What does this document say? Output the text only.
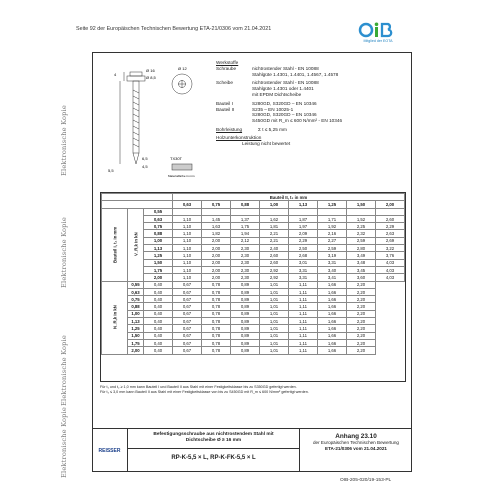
Seite 92 der Europäischen Technischen Bewertung ETA-21/0306 vom 21.04.2021
Mitglied der EOTA
Elektronische Kopie
Elektronische Kopie
Elektronische Kopie
Elektronische Kopie
Ø 16
Ø 8,5
Ø 12
4
6,5
4,5
5,5
TX30T
Materialfarbe in mm
Werkstoffe
Schraube	nichtrostender Stahl - EN 10088
Stahlgüte 1.4301, 1.4401, 1.4567, 1.4578
Scheibe	nichtrostender Stahl - EN 10088
Stahlgüte 1.4301 oder 1.4401
mit EPDM Dichtscheibe
Bauteil I	S280GD, S320GD – EN 10346
Bauteil II	S235 – EN 10025-1
S280GD, S320GD – EN 10346
S450GD mit R_m ≤ 600 N/mm² - EN 10346
Bohrleistung	Σ t ≤ 5,25 mm
Holzunterkonstruktion
Leistung nicht bewertet
			Bauteil II, t₂ in mm							
			0,63	0,75	0,88	1,00	1,13	1,25	1,50	2,00
Bauteil I, t₁ in mm	V_R,k in kN	0,55								
		0,63	1,10	1,45	1,37	1,62	1,87	1,71	1,52	2,60
		0,75	1,10	1,63	1,75	1,81	1,97	1,92	2,25	2,29
		0,88	1,10	1,82	1,94	2,21	2,09	2,16	2,32	2,63
		1,00	1,10	2,00	2,12	2,21	2,29	2,27	2,59	2,69
		1,13	1,10	2,00	2,30	2,40	2,50	2,59	2,80	3,22
		1,25	1,10	2,00	2,30	2,60	2,68	3,19	3,49	3,76
		1,50	1,10	2,00	2,30	2,60	3,01	3,31	3,48	4,03
		1,75	1,10	2,00	2,30	2,92	3,31	3,40	3,45	4,03
		2,00	1,10	2,00	2,30	2,92	3,31	3,41	3,60	4,03
N_R,k in kN	0,55	0,40	0,67	0,78	0,89	1,01	1,11	1,66	2,20	
	0,63	0,40	0,67	0,78	0,89	1,01	1,11	1,66	2,20	
	0,75	0,40	0,67	0,78	0,89	1,01	1,11	1,66	2,20	
	0,88	0,40	0,67	0,78	0,89	1,01	1,11	1,66	2,20	
	1,00	0,40	0,67	0,78	0,89	1,01	1,11	1,66	2,20	
	1,13	0,40	0,67	0,78	0,89	1,01	1,11	1,66	2,20	
	1,25	0,40	0,67	0,78	0,89	1,01	1,11	1,66	2,20	
	1,50	0,40	0,67	0,78	0,89	1,01	1,11	1,66	2,20	
	1,75	0,40	0,67	0,78	0,89	1,01	1,11	1,66	2,20	
	2,00	0,40	0,67	0,78	0,89	1,01	1,11	1,66	2,20	
Für t₁ und t₂ ≥ 1,0 mm kann Bauteil I und Bauteil II aus Stahl mit einer Festigkeitsklasse bis zu S350GD gefertigt werden.
Für t₂ ≤ 3,0 mm kann Bauteil II aus Stahl mit einer Festigkeitsklasse von bis zu S450GD mit R_m ≤ 600 N/mm² gefertigt werden.
REISSER
Befestigungsschraube aus nichtrostendem Stahl mit
Dichtscheibe Ø ≥ 16 mm
RP-K-5,5 × L, RP-K-FK-5,5 × L
Anhang 23.10
der Europäischen Technischen Bewertung
ETA-21/0306 vom 21.04.2021
OIB-205-020/19-153-PL
